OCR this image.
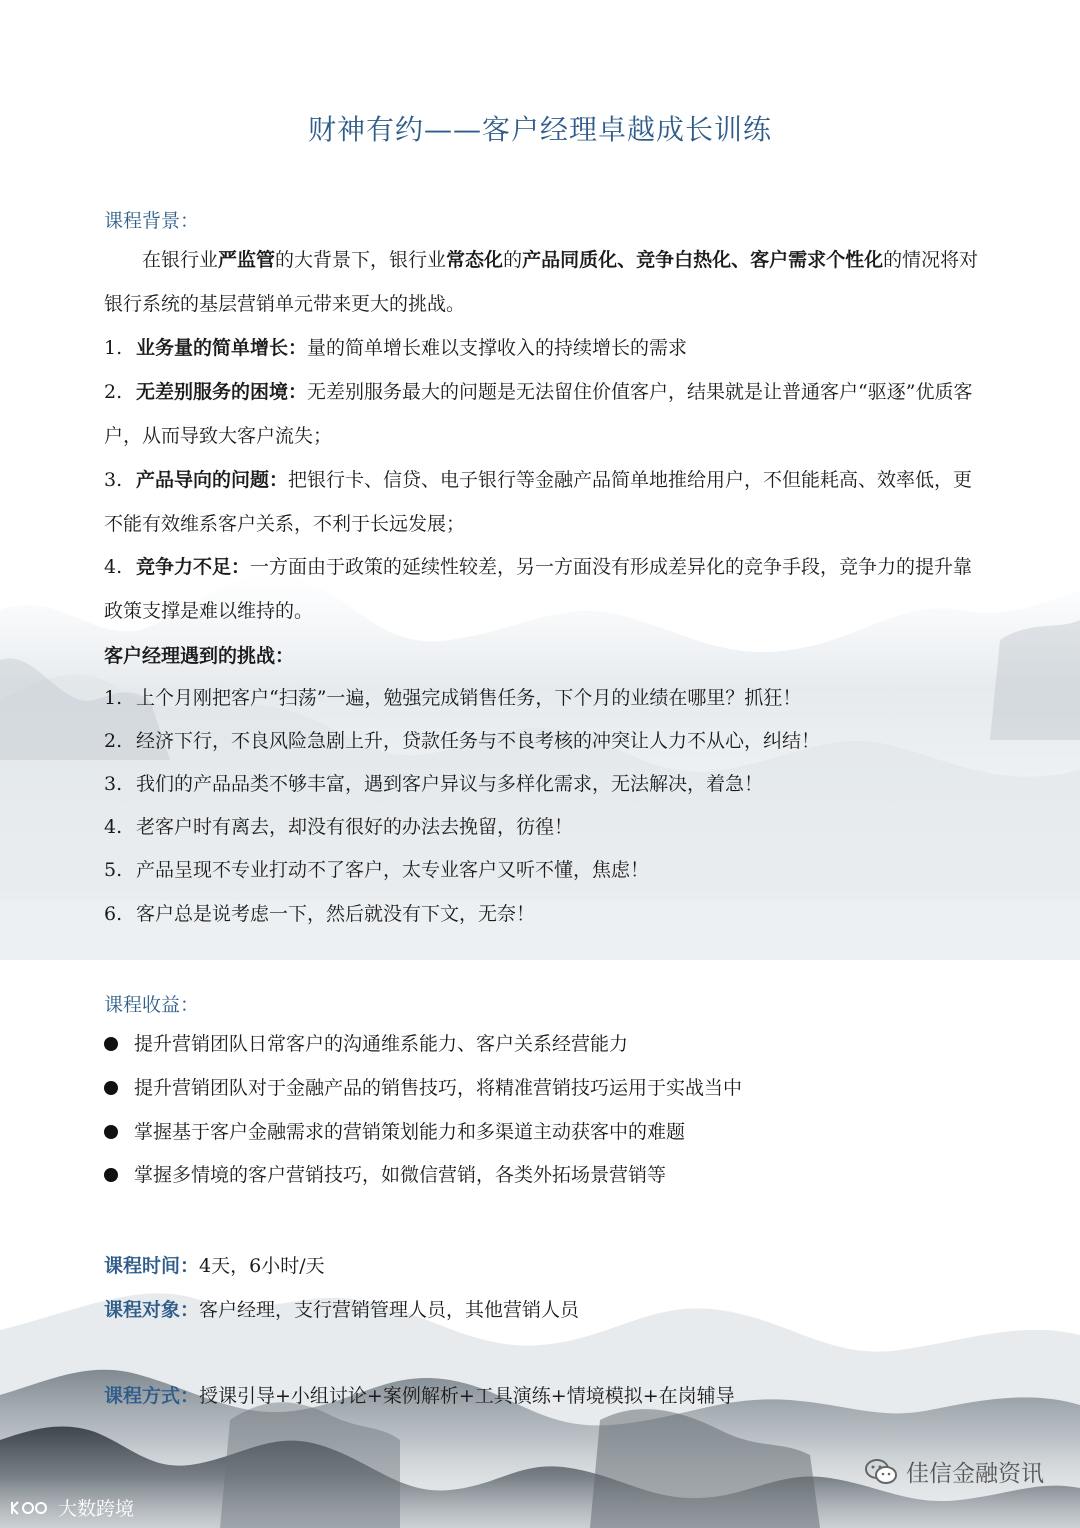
财神有约——客户经理卓越成长训练
课程背景：
在银行业严监管的大背景下，银行业常态化的产品同质化、竞争白热化、客户需求个性化的情况将对银行系统的基层营销单元带来更大的挑战。
1. 业务量的简单增长：量的简单增长难以支撑收入的持续增长的需求
2. 无差别服务的困境：无差别服务最大的问题是无法留住价值客户，结果就是让普通客户“驱逐”优质客户，从而导致大客户流失；
3. 产品导向的问题：把银行卡、信贷、电子银行等金融产品简单地推给用户，不但能耗高、效率低，更不能有效维系客户关系，不利于长远发展；
4. 竞争力不足：一方面由于政策的延续性较差，另一方面没有形成差异化的竞争手段，竞争力的提升靠政策支撑是难以维持的。
客户经理遇到的挑战：
1. 上个月刚把客户“扫荡”一遍，勉强完成销售任务，下个月的业绩在哪里？抓狂！
2. 经济下行，不良风险急剧上升，贷款任务与不良考核的冲突让人力不从心，纠结！
3. 我们的产品品类不够丰富，遇到客户异议与多样化需求，无法解决，着急！
4. 老客户时有离去，却没有很好的办法去挽留，彷徨！
5. 产品呈现不专业打动不了客户，太专业客户又听不懂，焦虑！
6. 客户总是说考虑一下，然后就没有下文，无奈！
课程收益：
提升营销团队日常客户的沟通维系能力、客户关系经营能力
提升营销团队对于金融产品的销售技巧，将精准营销技巧运用于实战当中
掌握基于客户金融需求的营销策划能力和多渠道主动获客中的难题
掌握多情境的客户营销技巧，如微信营销，各类外拓场景营销等
课程时间：4天，6小时/天
课程对象：客户经理，支行营销管理人员，其他营销人员
课程方式：授课引导+小组讨论+案例解析+工具演练+情境模拟+在岗辅导
佳信金融资讯
大数跨境
